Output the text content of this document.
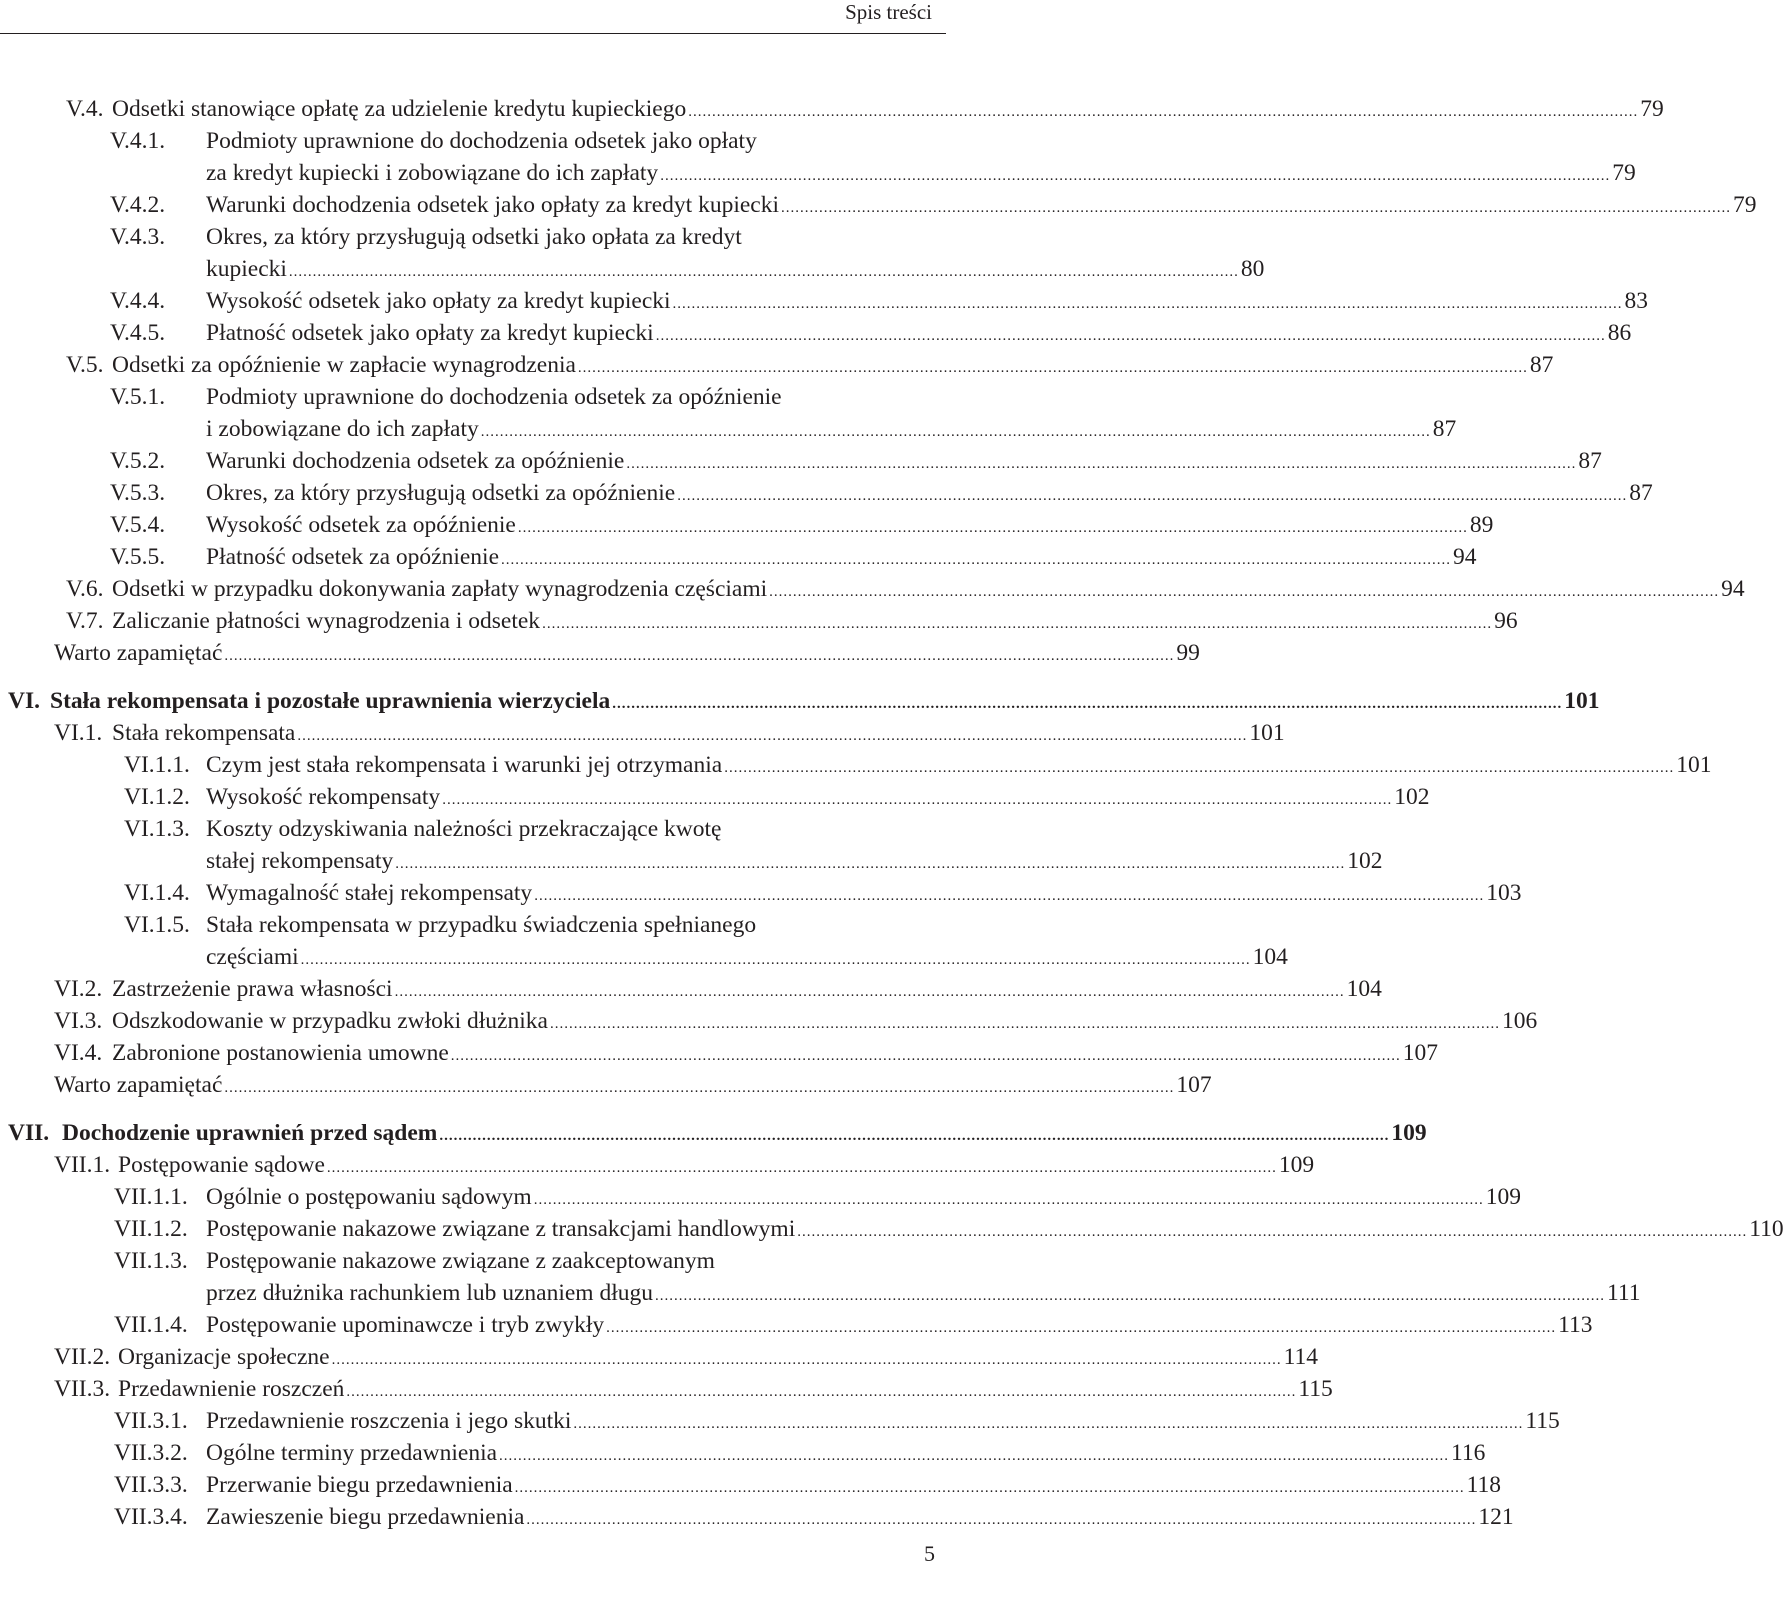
Spis treści
V.4. Odsetki stanowiące opłatę za udzielenie kredytu kupieckiego ........................................................................................................................................................................................................ 79
V.4.1. Podmioty uprawnione do dochodzenia odsetek jako opłaty
za kredyt kupiecki i zobowiązane do ich zapłaty ........................................................................................................................................................................................................ 79
V.4.2. Warunki dochodzenia odsetek jako opłaty za kredyt kupiecki ........................................................................................................................................................................................................ 79
V.4.3. Okres, za który przysługują odsetki jako opłata za kredyt
kupiecki ........................................................................................................................................................................................................ 80
V.4.4. Wysokość odsetek jako opłaty za kredyt kupiecki ........................................................................................................................................................................................................ 83
V.4.5. Płatność odsetek jako opłaty za kredyt kupiecki ........................................................................................................................................................................................................ 86
V.5. Odsetki za opóźnienie w zapłacie wynagrodzenia ........................................................................................................................................................................................................ 87
V.5.1. Podmioty uprawnione do dochodzenia odsetek za opóźnienie
i zobowiązane do ich zapłaty ........................................................................................................................................................................................................ 87
V.5.2. Warunki dochodzenia odsetek za opóźnienie ........................................................................................................................................................................................................ 87
V.5.3. Okres, za który przysługują odsetki za opóźnienie ........................................................................................................................................................................................................ 87
V.5.4. Wysokość odsetek za opóźnienie ........................................................................................................................................................................................................ 89
V.5.5. Płatność odsetek za opóźnienie ........................................................................................................................................................................................................ 94
V.6. Odsetki w przypadku dokonywania zapłaty wynagrodzenia częściami ........................................................................................................................................................................................................ 94
V.7. Zaliczanie płatności wynagrodzenia i odsetek ........................................................................................................................................................................................................ 96
Warto zapamiętać ........................................................................................................................................................................................................ 99
VI. Stała rekompensata i pozostałe uprawnienia wierzyciela ........................................................................................................................................................................................................ 101
VI.1. Stała rekompensata ........................................................................................................................................................................................................ 101
VI.1.1. Czym jest stała rekompensata i warunki jej otrzymania ........................................................................................................................................................................................................ 101
VI.1.2. Wysokość rekompensaty ........................................................................................................................................................................................................ 102
VI.1.3. Koszty odzyskiwania należności przekraczające kwotę
stałej rekompensaty ........................................................................................................................................................................................................ 102
VI.1.4. Wymagalność stałej rekompensaty ........................................................................................................................................................................................................ 103
VI.1.5. Stała rekompensata w przypadku świadczenia spełnianego
częściami ........................................................................................................................................................................................................ 104
VI.2. Zastrzeżenie prawa własności ........................................................................................................................................................................................................ 104
VI.3. Odszkodowanie w przypadku zwłoki dłużnika ........................................................................................................................................................................................................ 106
VI.4. Zabronione postanowienia umowne ........................................................................................................................................................................................................ 107
Warto zapamiętać ........................................................................................................................................................................................................ 107
VII. Dochodzenie uprawnień przed sądem ........................................................................................................................................................................................................ 109
VII.1. Postępowanie sądowe ........................................................................................................................................................................................................ 109
VII.1.1. Ogólnie o postępowaniu sądowym ........................................................................................................................................................................................................ 109
VII.1.2. Postępowanie nakazowe związane z transakcjami handlowymi ........................................................................................................................................................................................................ 110
VII.1.3. Postępowanie nakazowe związane z zaakceptowanym
przez dłużnika rachunkiem lub uznaniem długu ........................................................................................................................................................................................................ 111
VII.1.4. Postępowanie upominawcze i tryb zwykły ........................................................................................................................................................................................................ 113
VII.2. Organizacje społeczne ........................................................................................................................................................................................................ 114
VII.3. Przedawnienie roszczeń ........................................................................................................................................................................................................ 115
VII.3.1. Przedawnienie roszczenia i jego skutki ........................................................................................................................................................................................................ 115
VII.3.2. Ogólne terminy przedawnienia ........................................................................................................................................................................................................ 116
VII.3.3. Przerwanie biegu przedawnienia ........................................................................................................................................................................................................ 118
VII.3.4. Zawieszenie biegu przedawnienia ........................................................................................................................................................................................................ 121
5
